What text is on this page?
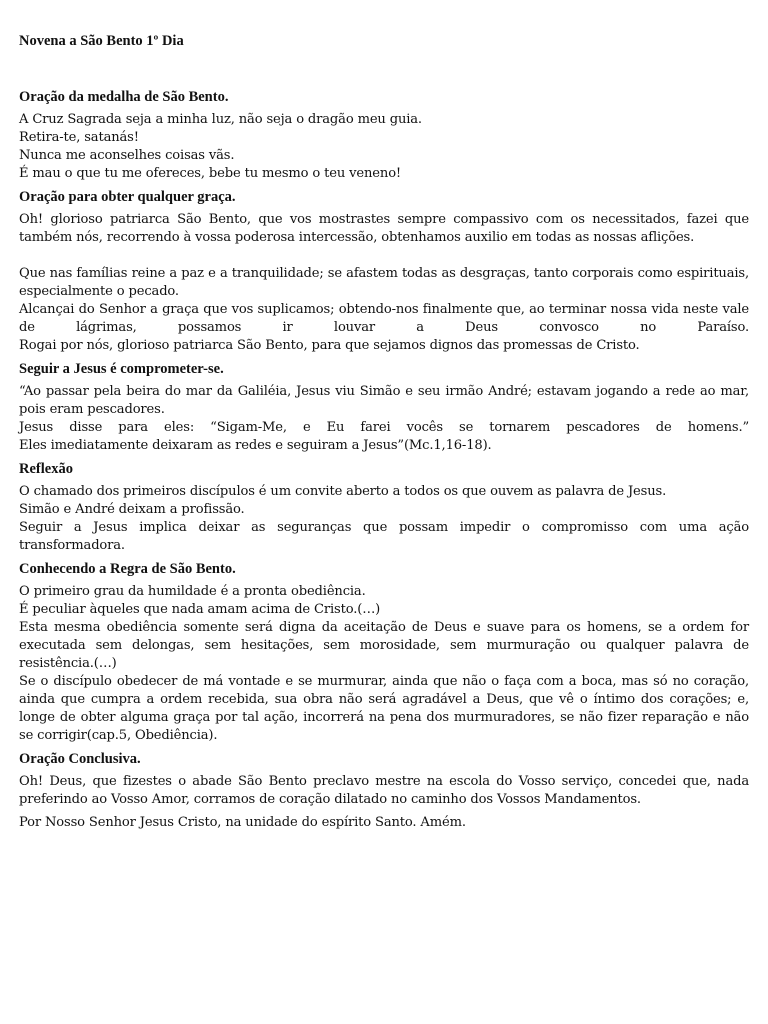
Novena a São Bento 1º Dia
Oração da medalha de São Bento.
A Cruz Sagrada seja a minha luz, não seja o dragão meu guia.
Retira-te, satanás!
Nunca me aconselhes coisas vãs.
É mau o que tu me ofereces, bebe tu mesmo o teu veneno!
Oração para obter qualquer graça.

Oh! glorioso patriarca São Bento, que vos mostrastes sempre compassivo com os necessitados, fazei que também nós, recorrendo à vossa poderosa intercessão, obtenhamos auxilio em todas as nossas aflições.

Que nas famílias reine a paz e a tranquilidade; se afastem todas as desgraças, tanto corporais como espirituais, especialmente o pecado.

Alcançai do Senhor a graça que vos suplicamos; obtendo-nos finalmente que, ao terminar nossa vida neste vale de lágrimas, possamos ir louvar a Deus convosco no Paraíso.

Rogai por nós, glorioso patriarca São Bento, para que sejamos dignos das promessas de Cristo.

Seguir a Jesus é comprometer-se.

“Ao passar pela beira do mar da Galiléia, Jesus viu Simão e seu irmão André; estavam jogando a rede ao mar, pois eram pescadores.

Jesus disse para eles: “Sigam-Me, e Eu farei vocês se tornarem pescadores de homens.”

Eles imediatamente deixaram as redes e seguiram a Jesus”(Mc.1,16-18).

Reflexão

O chamado dos primeiros discípulos é um convite aberto a todos os que ouvem as palavra de Jesus.

Simão e André deixam a profissão.

Seguir a Jesus implica deixar as seguranças que possam impedir o compromisso com uma ação transformadora.

Conhecendo a Regra de São Bento.

O primeiro grau da humildade é a pronta obediência.

É peculiar àqueles que nada amam acima de Cristo.(…)

Esta mesma obediência somente será digna da aceitação de Deus e suave para os homens, se a ordem for executada sem delongas, sem hesitações, sem morosidade, sem murmuração ou qualquer palavra de resistência.(…)

Se o discípulo obedecer de má vontade e se murmurar, ainda que não o faça com a boca, mas só no coração, ainda que cumpra a ordem recebida, sua obra não será agradável a Deus, que vê o íntimo dos corações; e, longe de obter alguma graça por tal ação, incorrerá na pena dos murmuradores, se não fizer reparação e não se corrigir(cap.5, Obediência).

Oração Conclusiva.

Oh! Deus, que fizestes o abade São Bento preclavo mestre na escola do Vosso serviço, concedei que, nada preferindo ao Vosso Amor, corramos de coração dilatado no caminho dos Vossos Mandamentos.

Por Nosso Senhor Jesus Cristo, na unidade do espírito Santo. Amém.
